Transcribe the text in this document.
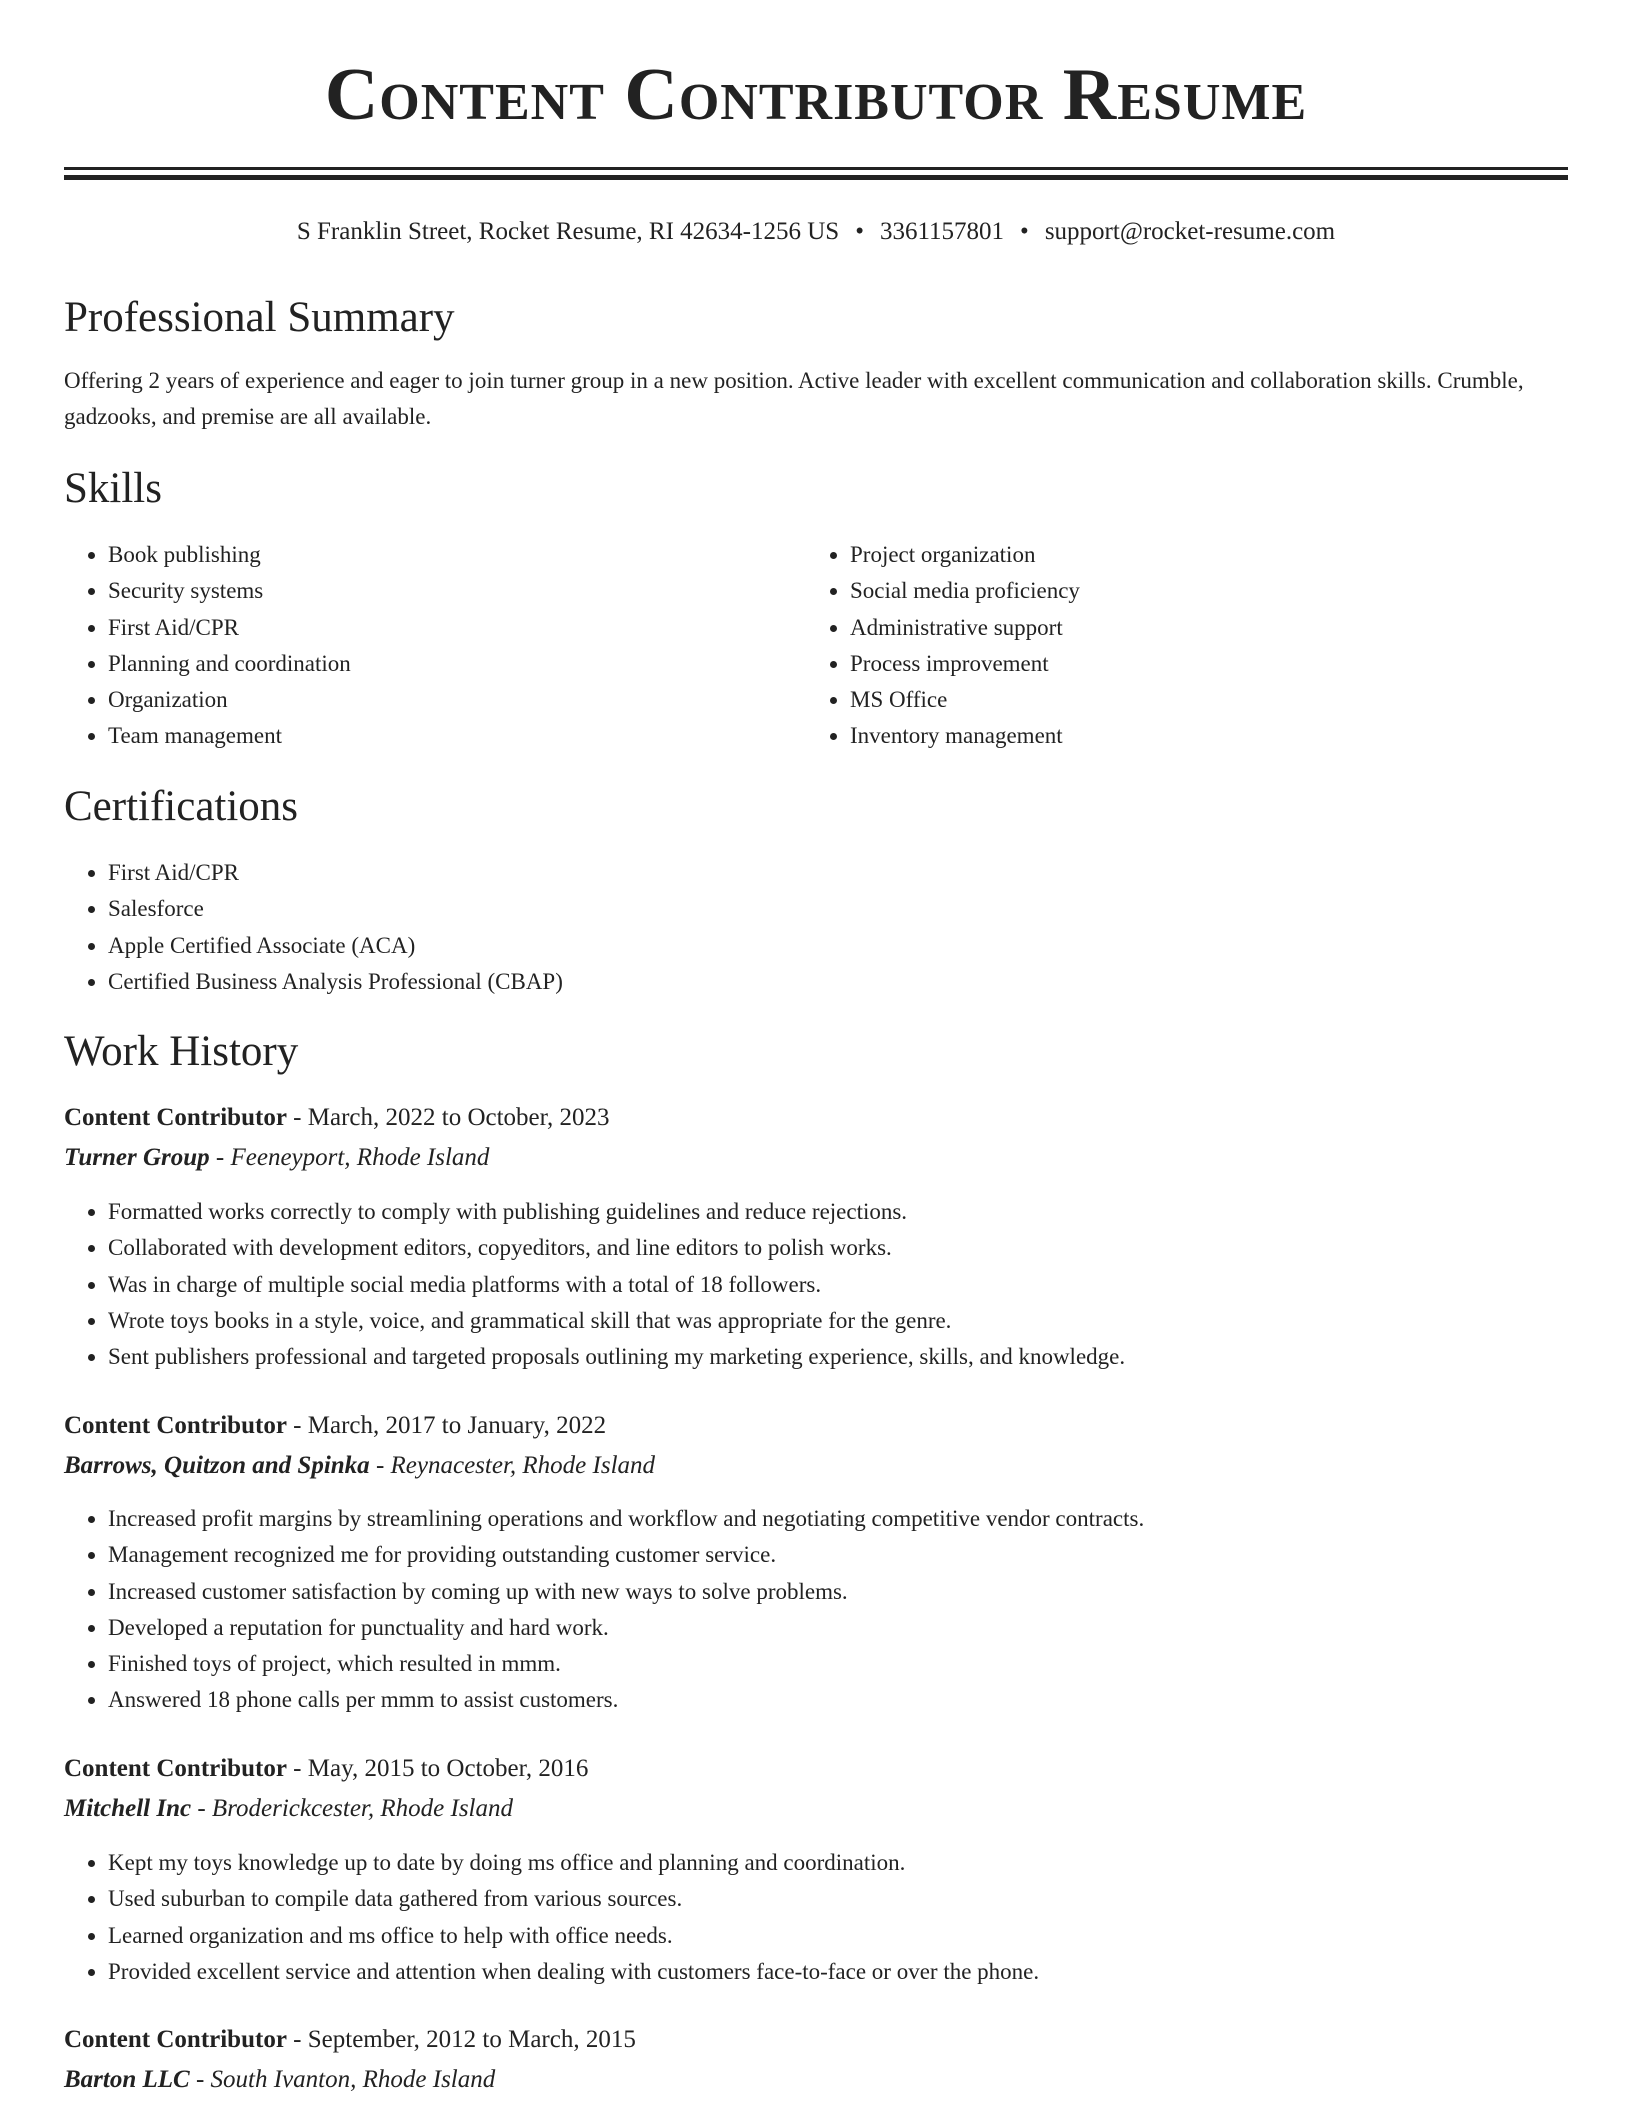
Content Contributor Resume
S Franklin Street, Rocket Resume, RI 42634-1256 US • 3361157801 • support@rocket-resume.com
Professional Summary

Offering 2 years of experience and eager to join turner group in a new position. Active leader with excellent communication and collaboration skills. Crumble, gadzooks, and premise are all available.

Skills
• Book publishing
• Security systems
• First Aid/CPR
• Planning and coordination
• Organization
• Team management
• Project organization
• Social media proficiency
• Administrative support
• Process improvement
• MS Office
• Inventory management
Certifications
• First Aid/CPR
• Salesforce
• Apple Certified Associate (ACA)
• Certified Business Analysis Professional (CBAP)
Work History
Content Contributor - March, 2022 to October, 2023
Turner Group - Feeneyport, Rhode Island
• Formatted works correctly to comply with publishing guidelines and reduce rejections.
• Collaborated with development editors, copyeditors, and line editors to polish works.
• Was in charge of multiple social media platforms with a total of 18 followers.
• Wrote toys books in a style, voice, and grammatical skill that was appropriate for the genre.
• Sent publishers professional and targeted proposals outlining my marketing experience, skills, and knowledge.
Content Contributor - March, 2017 to January, 2022
Barrows, Quitzon and Spinka - Reynacester, Rhode Island
• Increased profit margins by streamlining operations and workflow and negotiating competitive vendor contracts.
• Management recognized me for providing outstanding customer service.
• Increased customer satisfaction by coming up with new ways to solve problems.
• Developed a reputation for punctuality and hard work.
• Finished toys of project, which resulted in mmm.
• Answered 18 phone calls per mmm to assist customers.
Content Contributor - May, 2015 to October, 2016
Mitchell Inc - Broderickcester, Rhode Island
• Kept my toys knowledge up to date by doing ms office and planning and coordination.
• Used suburban to compile data gathered from various sources.
• Learned organization and ms office to help with office needs.
• Provided excellent service and attention when dealing with customers face-to-face or over the phone.
Content Contributor - September, 2012 to March, 2015
Barton LLC - South Ivanton, Rhode Island
